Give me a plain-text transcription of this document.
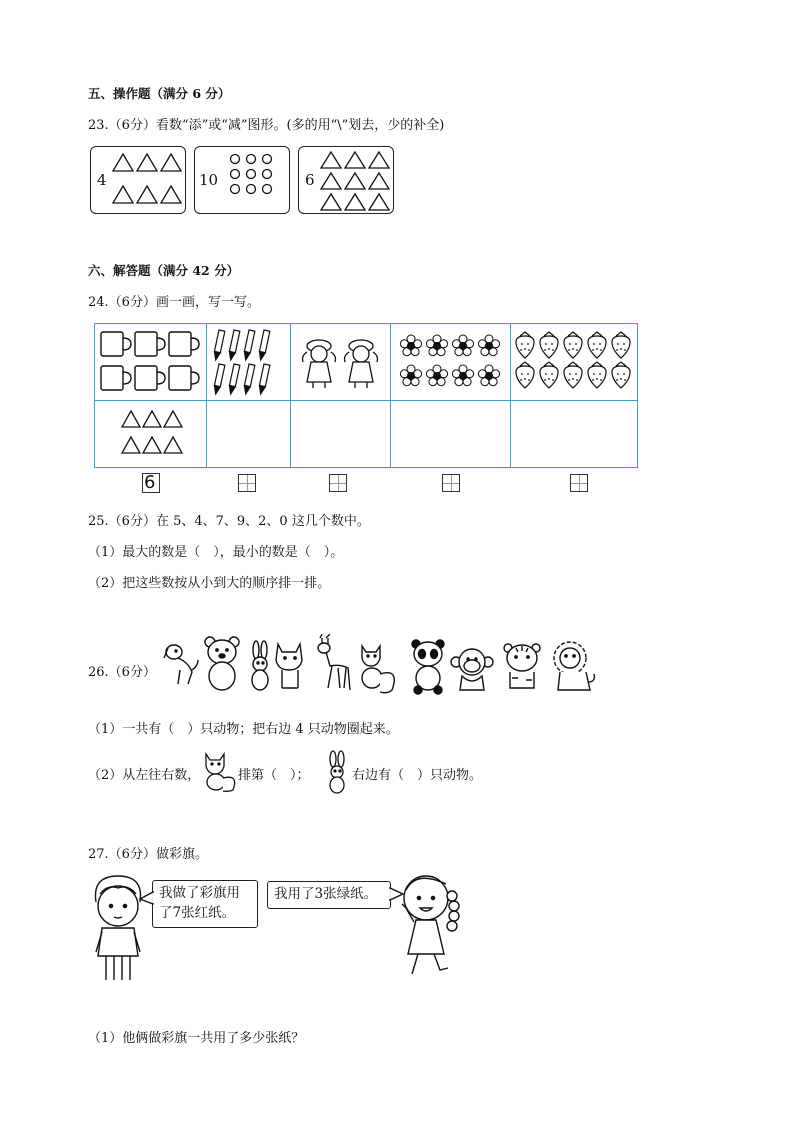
五、操作题（满分 6 分）
23.（6分）看数“添”或“减”图形。(多的用“\”划去，少的补全)
4	10	6
六、解答题（满分 42 分）
24.（6分）画一画，写一写。

6
25.（6分）在 5、4、7、9、2、0 这几个数中。
（1）最大的数是（　），最小的数是（　）。
（2）把这些数按从小到大的顺序排一排。
26.（6分）
（1）一共有（　）只动物；把右边 4 只动物圈起来。
（2）从左往右数，	排第（　）；	右边有（　）只动物。
27.（6分）做彩旗。
我做了彩旗用了7张红纸。
我用了3张绿纸。
（1）他俩做彩旗一共用了多少张纸？
